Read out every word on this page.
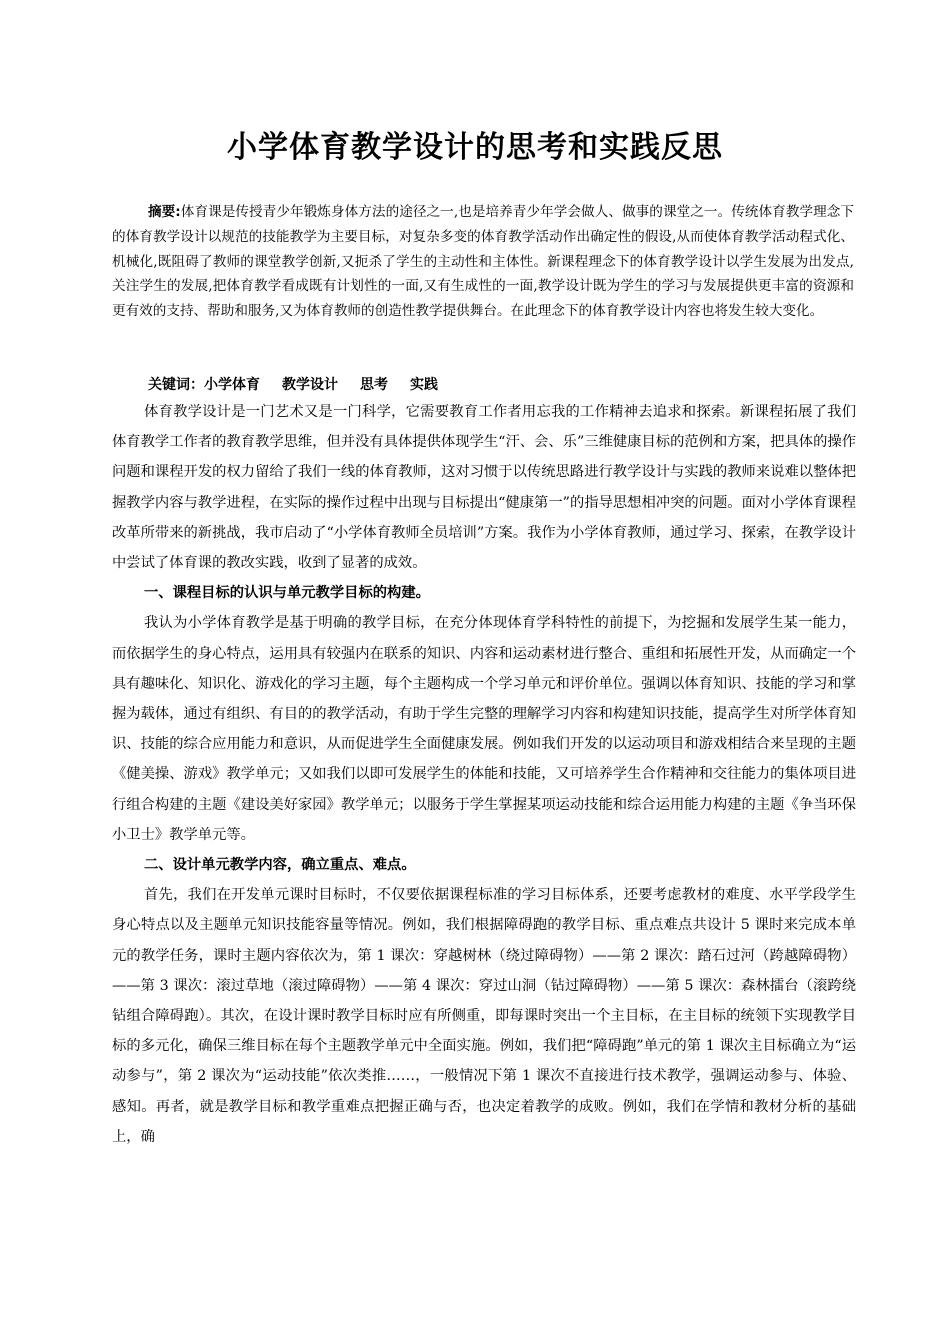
小学体育教学设计的思考和实践反思

摘要:体育课是传授青少年锻炼身体方法的途径之一,也是培养青少年学会做人、做事的课堂之一。传统体育教学理念下的体育教学设计以规范的技能教学为主要目标，对复杂多变的体育教学活动作出确定性的假设,从而使体育教学活动程式化、机械化,既阻碍了教师的课堂教学创新,又扼杀了学生的主动性和主体性。新课程理念下的体育教学设计以学生发展为出发点,关注学生的发展,把体育教学看成既有计划性的一面,又有生成性的一面,教学设计既为学生的学习与发展提供更丰富的资源和更有效的支持、帮助和服务,又为体育教师的创造性教学提供舞台。在此理念下的体育教学设计内容也将发生较大变化。

关键词：小学体育 教学设计 思考 实践

体育教学设计是一门艺术又是一门科学，它需要教育工作者用忘我的工作精神去追求和探索。新课程拓展了我们体育教学工作者的教育教学思维，但并没有具体提供体现学生“汗、会、乐”三维健康目标的范例和方案，把具体的操作问题和课程开发的权力留给了我们一线的体育教师，这对习惯于以传统思路进行教学设计与实践的教师来说难以整体把握教学内容与教学进程，在实际的操作过程中出现与目标提出“健康第一”的指导思想相冲突的问题。面对小学体育课程改革所带来的新挑战，我市启动了“小学体育教师全员培训”方案。我作为小学体育教师，通过学习、探索，在教学设计中尝试了体育课的教改实践，收到了显著的成效。

一、课程目标的认识与单元教学目标的构建。

我认为小学体育教学是基于明确的教学目标，在充分体现体育学科特性的前提下，为挖掘和发展学生某一能力，而依据学生的身心特点，运用具有较强内在联系的知识、内容和运动素材进行整合、重组和拓展性开发，从而确定一个具有趣味化、知识化、游戏化的学习主题，每个主题构成一个学习单元和评价单位。强调以体育知识、技能的学习和掌握为载体，通过有组织、有目的的教学活动，有助于学生完整的理解学习内容和构建知识技能，提高学生对所学体育知识、技能的综合应用能力和意识，从而促进学生全面健康发展。例如我们开发的以运动项目和游戏相结合来呈现的主题《健美操、游戏》教学单元；又如我们以即可发展学生的体能和技能，又可培养学生合作精神和交往能力的集体项目进行组合构建的主题《建设美好家园》教学单元；以服务于学生掌握某项运动技能和综合运用能力构建的主题《争当环保小卫士》教学单元等。

二、设计单元教学内容，确立重点、难点。

首先，我们在开发单元课时目标时，不仅要依据课程标准的学习目标体系，还要考虑教材的难度、水平学段学生身心特点以及主题单元知识技能容量等情况。例如，我们根据障碍跑的教学目标、重点难点共设计 5 课时来完成本单元的教学任务，课时主题内容依次为，第 1 课次：穿越树林（绕过障碍物）——第 2 课次：踏石过河（跨越障碍物）——第 3 课次：滚过草地（滚过障碍物）——第 4 课次：穿过山洞（钻过障碍物）——第 5 课次：森林擂台（滚跨绕钻组合障碍跑）。其次，在设计课时教学目标时应有所侧重，即每课时突出一个主目标，在主目标的统领下实现教学目标的多元化，确保三维目标在每个主题教学单元中全面实施。例如，我们把“障碍跑”单元的第 1 课次主目标确立为“运动参与”，第 2 课次为“运动技能”依次类推……，一般情况下第 1 课次不直接进行技术教学，强调运动参与、体验、感知。再者，就是教学目标和教学重难点把握正确与否，也决定着教学的成败。例如，我们在学情和教材分析的基础上，确
